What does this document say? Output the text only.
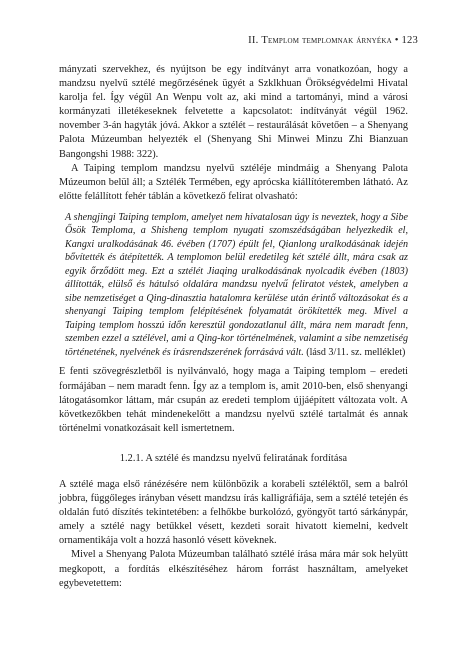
II. Templom templomnak árnyéka • 123

mányzati szervekhez, és nyújtson be egy indítványt arra vonatkozóan, hogy a mandzsu nyelvű sztélé megőrzésének ügyét a Szklkhuan Örökségvédelmi Hivatal karolja fel. Így végül An Wenpu volt az, aki mind a tartományi, mind a városi kormányzati illetékeseknek felvetette a kapcsolatot: indítványát végül 1962. november 3-án hagyták jóvá. Akkor a sztélét – restaurálását követően – a Shenyang Palota Múzeumban helyezték el (Shenyang Shi Minwei Minzu Zhi Bianzuan Bangongshi 1988: 322).

A Taiping templom mandzsu nyelvű sztéléje mindmáig a Shenyang Palota Múzeumon belül áll; a Sztélék Termében, egy aprócska kiállítóteremben látható. Az előtte felállított fehér táblán a következő felirat olvasható:

A shengjingi Taiping templom, amelyet nem hivatalosan úgy is neveztek, hogy a Sibe Ősök Temploma, a Shisheng templom nyugati szomszédságában helyezkedik el, Kangxi uralkodásának 46. évében (1707) épült fel, Qianlong uralkodásának idején bővítették és átépítették. A templomon belül eredetileg két sztélé állt, mára csak az egyik őrződött meg. Ezt a sztélét Jiaqing uralkodásának nyolcadik évében (1803) állították, elülső és hátulsó oldalára mandzsu nyelvű feliratot véstek, amelyben a sibe nemzetiséget a Qing-dinasztia hatalomra kerülése után érintő változásokat és a shenyangi Taiping templom felépítésének folyamatát örökítették meg. Mivel a Taiping templom hosszú időn keresztül gondozatlanul állt, mára nem maradt fenn, szemben ezzel a sztélével, ami a Qing-kor történelmének, valamint a sibe nemzetiség történetének, nyelvének és írásrendszerének forrásává vált. (lásd 3/11. sz. melléklet)

E fenti szövegrészletből is nyilvánvaló, hogy maga a Taiping templom – eredeti formájában – nem maradt fenn. Így az a templom is, amit 2010-ben, első shenyangi látogatásomkor láttam, már csupán az eredeti templom újjáépített változata volt. A következőkben tehát mindenekelőtt a mandzsu nyelvű sztélé tartalmát és annak történelmi vonatkozásait kell ismertetnem.

1.2.1. A sztélé és mandzsu nyelvű feliratának fordítása

A sztélé maga első ránézésére nem különbözik a korabeli sztéléktől, sem a balról jobbra, függőleges irányban vésett mandzsu írás kalligráfiája, sem a sztélé tetején és oldalán futó díszítés tekintetében: a felhőkbe burkolózó, gyöngyöt tartó sárkánypár, amely a sztélé nagy betűkkel vésett, kezdeti sorait hivatott kiemelni, kedvelt ornamentikája volt a hozzá hasonló vésett köveknek.

Mivel a Shenyang Palota Múzeumban található sztélé írása mára már sok helyütt megkopott, a fordítás elkészítéséhez három forrást használtam, amelyeket egybevetettem:
